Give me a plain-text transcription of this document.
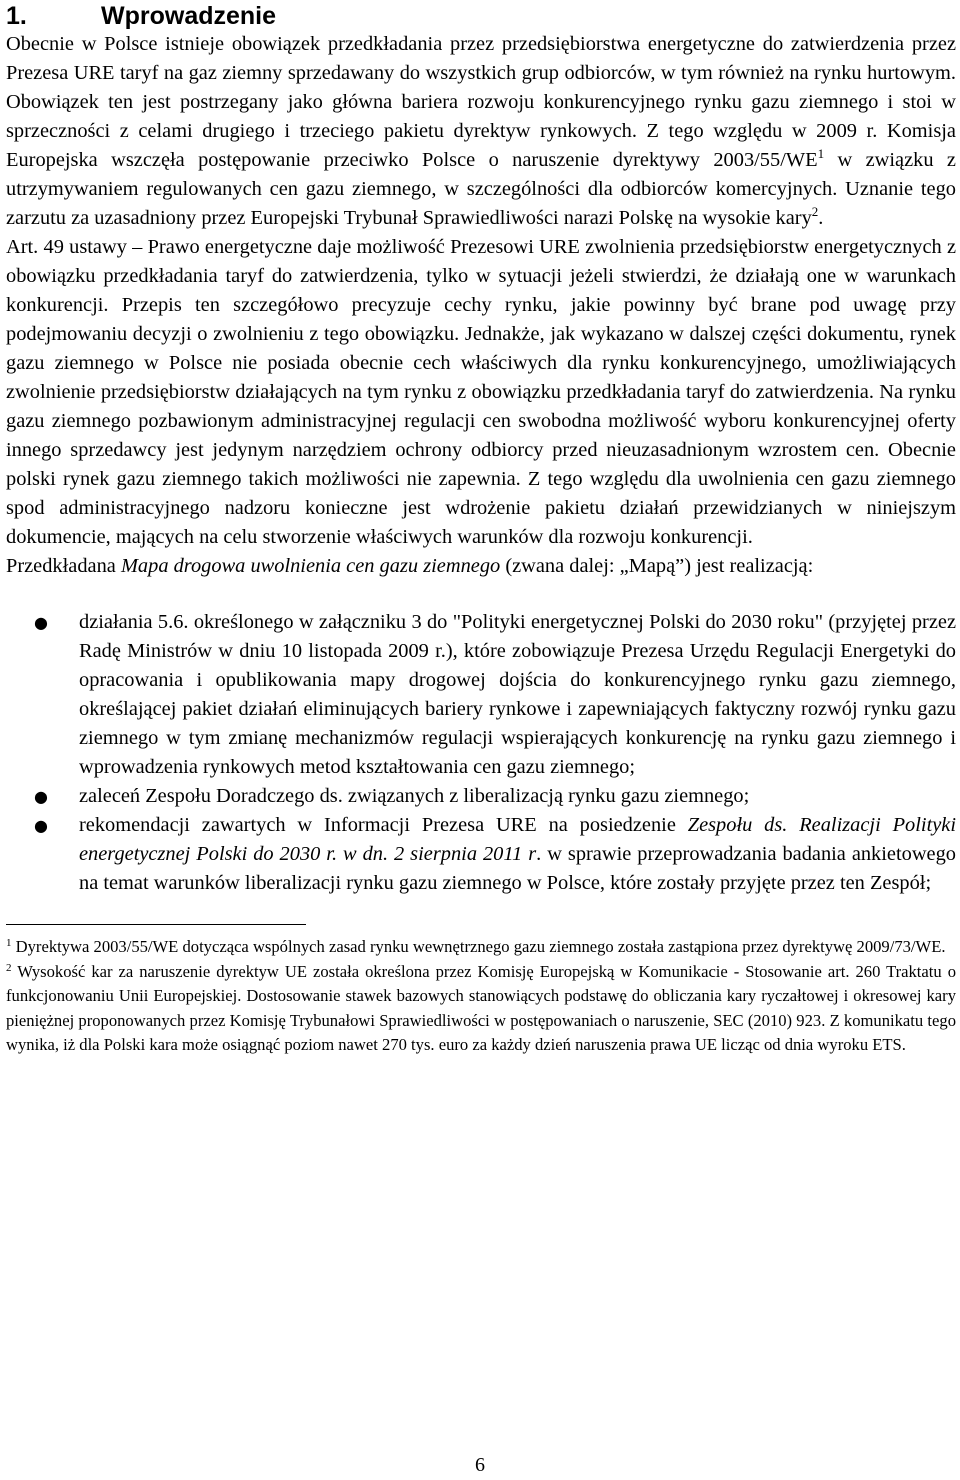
1.	Wprowadzenie

Obecnie w Polsce istnieje obowiązek przedkładania przez przedsiębiorstwa energetyczne do zatwierdzenia przez Prezesa URE taryf na gaz ziemny sprzedawany do wszystkich grup odbiorców, w tym również na rynku hurtowym. Obowiązek ten jest postrzegany jako główna bariera rozwoju konkurencyjnego rynku gazu ziemnego i stoi w sprzeczności z celami drugiego i trzeciego pakietu dyrektyw rynkowych. Z tego względu w 2009 r. Komisja Europejska wszczęła postępowanie przeciwko Polsce o naruszenie dyrektywy $2003/55/WE^1$ w związku z utrzymywaniem regulowanych cen gazu ziemnego, w szczególności dla odbiorców komercyjnych. Uznanie tego zarzutu za uzasadniony przez Europejski Trybunał Sprawiedliwości narazi Polskę na wysokie kary$^2$.

Art. 49 ustawy – Prawo energetyczne daje możliwość Prezesowi URE zwolnienia przedsiębiorstw energetycznych z obowiązku przedkładania taryf do zatwierdzenia, tylko w sytuacji jeżeli stwierdzi, że działają one w warunkach konkurencji. Przepis ten szczegółowo precyzuje cechy rynku, jakie powinny być brane pod uwagę przy podejmowaniu decyzji o zwolnieniu z tego obowiązku. Jednakże, jak wykazano w dalszej części dokumentu, rynek gazu ziemnego w Polsce nie posiada obecnie cech właściwych dla rynku konkurencyjnego, umożliwiających zwolnienie przedsiębiorstw działających na tym rynku z obowiązku przedkładania taryf do zatwierdzenia. Na rynku gazu ziemnego pozbawionym administracyjnej regulacji cen swobodna możliwość wyboru konkurencyjnej oferty innego sprzedawcy jest jedynym narzędziem ochrony odbiorcy przed nieuzasadnionym wzrostem cen. Obecnie polski rynek gazu ziemnego takich możliwości nie zapewnia. Z tego względu dla uwolnienia cen gazu ziemnego spod administracyjnego nadzoru konieczne jest wdrożenie pakietu działań przewidzianych w niniejszym dokumencie, mających na celu stworzenie właściwych warunków dla rozwoju konkurencji.

Przedkładana Mapa drogowa uwolnienia cen gazu ziemnego (zwana dalej: „Mapą”) jest realizacją:

● działania 5.6. określonego w załączniku 3 do "Polityki energetycznej Polski do 2030 roku" (przyjętej przez Radę Ministrów w dniu 10 listopada 2009 r.), które zobowiązuje Prezesa Urzędu Regulacji Energetyki do opracowania i opublikowania mapy drogowej dojścia do konkurencyjnego rynku gazu ziemnego, określającej pakiet działań eliminujących bariery rynkowe i zapewniających faktyczny rozwój rynku gazu ziemnego w tym zmianę mechanizmów regulacji wspierających konkurencję na rynku gazu ziemnego i wprowadzenia rynkowych metod kształtowania cen gazu ziemnego;
● zaleceń Zespołu Doradczego ds. związanych z liberalizacją rynku gazu ziemnego;
● rekomendacji zawartych w Informacji Prezesa URE na posiedzenie Zespołu ds. Realizacji Polityki energetycznej Polski do 2030 r. w dn. 2 sierpnia 2011 r. w sprawie przeprowadzania badania ankietowego na temat warunków liberalizacji rynku gazu ziemnego w Polsce, które zostały przyjęte przez ten Zespół;

$^1$ Dyrektywa 2003/55/WE dotycząca wspólnych zasad rynku wewnętrznego gazu ziemnego została zastąpiona przez dyrektywę 2009/73/WE.

$^2$ Wysokość kar za naruszenie dyrektyw UE została określona przez Komisję Europejską w Komunikacie - Stosowanie art. 260 Traktatu o funkcjonowaniu Unii Europejskiej. Dostosowanie stawek bazowych stanowiących podstawę do obliczania kary ryczałtowej i okresowej kary pieniężnej proponowanych przez Komisję Trybunałowi Sprawiedliwości w postępowaniach o naruszenie, SEC (2010) 923. Z komunikatu tego wynika, iż dla Polski kara może osiągnąć poziom nawet 270 tys. euro za każdy dzień naruszenia prawa UE licząc od dnia wyroku ETS.

6
